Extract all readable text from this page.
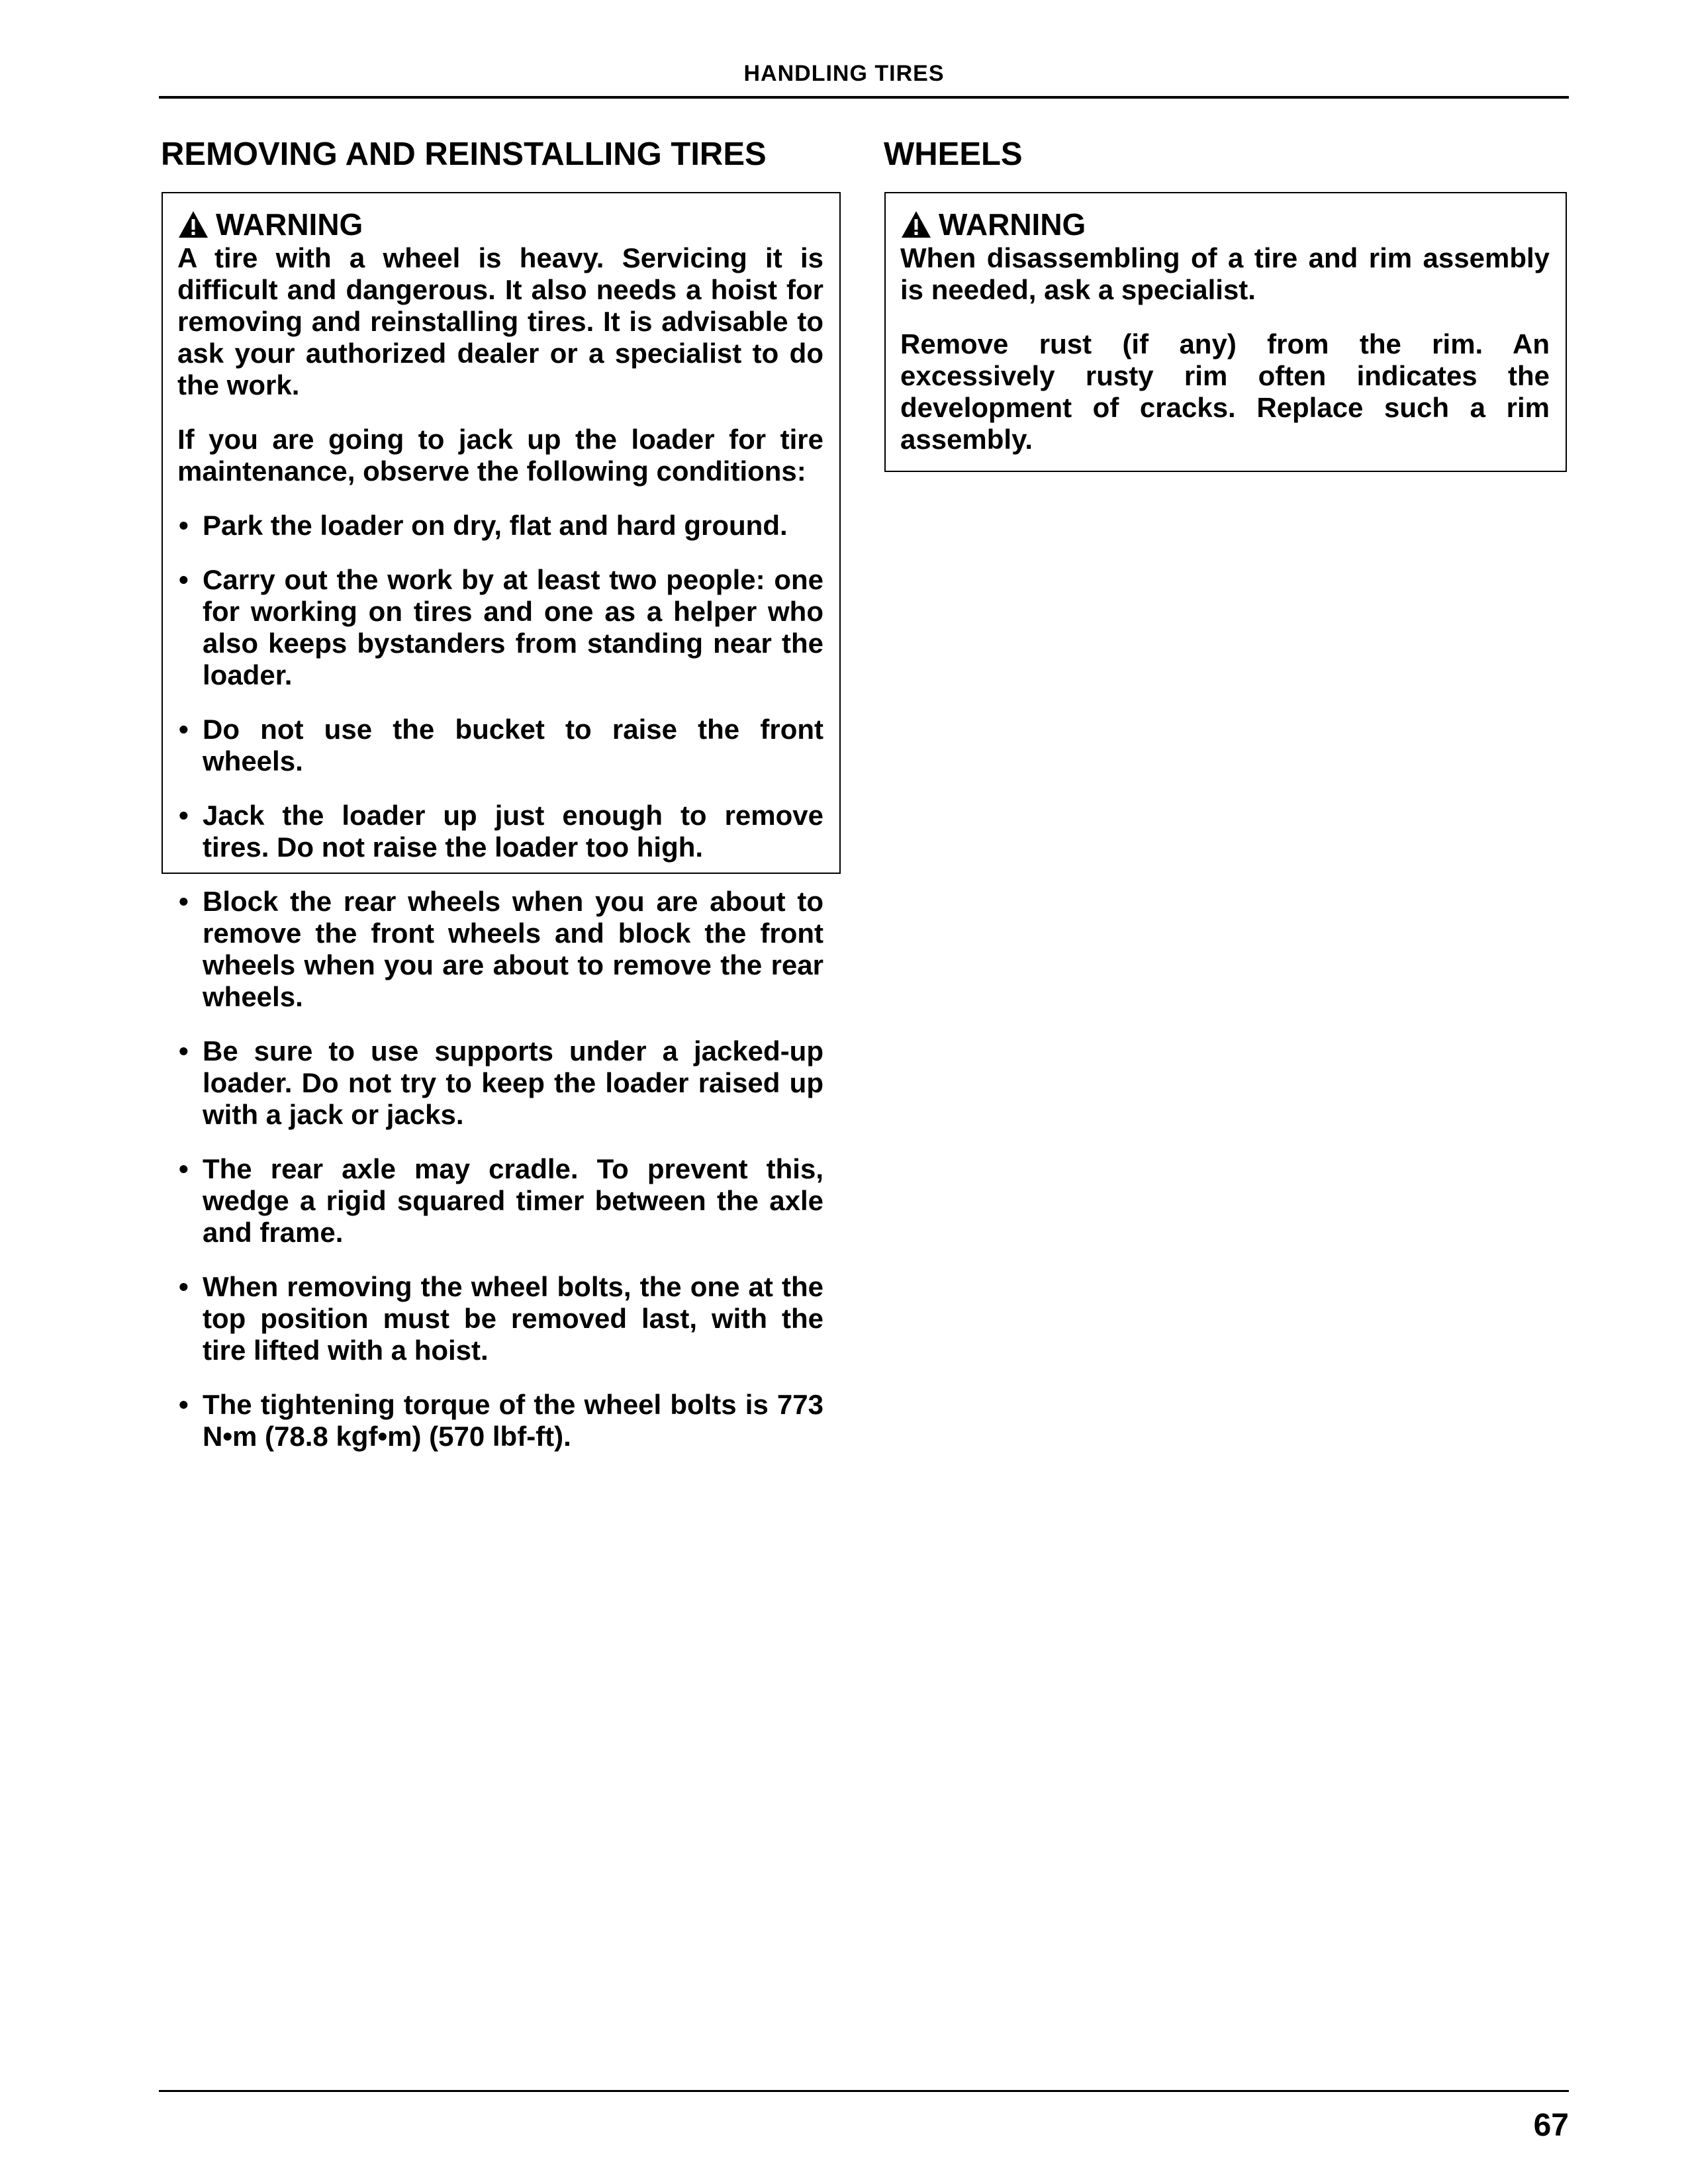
HANDLING TIRES
REMOVING AND REINSTALLING TIRES
WARNING

A tire with a wheel is heavy. Servicing it is difficult and dangerous. It also needs a hoist for removing and reinstalling tires. It is advisable to ask your authorized dealer or a specialist to do the work.

If you are going to jack up the loader for tire maintenance, observe the following conditions:

• Park the loader on dry, flat and hard ground.
• Carry out the work by at least two people: one for working on tires and one as a helper who also keeps bystanders from standing near the loader.
• Do not use the bucket to raise the front wheels.
• Jack the loader up just enough to remove tires. Do not raise the loader too high.
• Block the rear wheels when you are about to remove the front wheels and block the front wheels when you are about to remove the rear wheels.
• Be sure to use supports under a jacked-up loader. Do not try to keep the loader raised up with a jack or jacks.
• The rear axle may cradle. To prevent this, wedge a rigid squared timer between the axle and frame.
• When removing the wheel bolts, the one at the top position must be removed last, with the tire lifted with a hoist.
• The tightening torque of the wheel bolts is 773 N•m (78.8 kgf•m) (570 lbf-ft).
WHEELS
WARNING

When disassembling of a tire and rim assembly is needed, ask a specialist.

Remove rust (if any) from the rim. An excessively rusty rim often indicates the development of cracks. Replace such a rim assembly.

67
